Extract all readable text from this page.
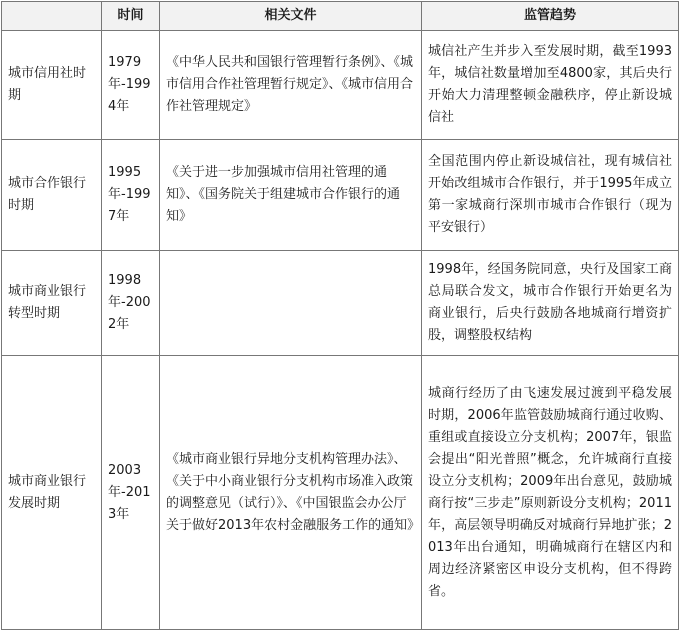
	时间	相关文件	监管趋势
城市信用社时期	1979年-1994年	《中华人民共和国银行管理暂行条例》、《城市信用合作社管理暂行规定》、《城市信用合作社管理规定》	城信社产生并步入至发展时期，截至1993年，城信社数量增加至4800家，其后央行开始大力清理整顿金融秩序，停止新设城信社
城市合作银行时期	1995年-1997年	《关于进一步加强城市信用社管理的通知》、《国务院关于组建城市合作银行的通知》	全国范围内停止新设城信社，现有城信社开始改组城市合作银行，并于1995年成立第一家城商行深圳市城市合作银行（现为平安银行）
城市商业银行转型时期	1998年-2002年		1998年，经国务院同意，央行及国家工商总局联合发文，城市合作银行开始更名为商业银行，后央行鼓励各地城商行增资扩股，调整股权结构
城市商业银行发展时期	2003年-2013年	《城市商业银行异地分支机构管理办法》、《关于中小商业银行分支机构市场准入政策的调整意见（试行）》、《中国银监会办公厅关于做好2013年农村金融服务工作的通知》	城商行经历了由飞速发展过渡到平稳发展时期，2006年监管鼓励城商行通过收购、重组或直接设立分支机构；2007年，银监会提出“阳光普照”概念，允许城商行直接设立分支机构；2009年出台意见，鼓励城商行按“三步走”原则新设分支机构；2011年，高层领导明确反对城商行异地扩张；2013年出台通知，明确城商行在辖区内和周边经济紧密区申设分支机构，但不得跨省。
